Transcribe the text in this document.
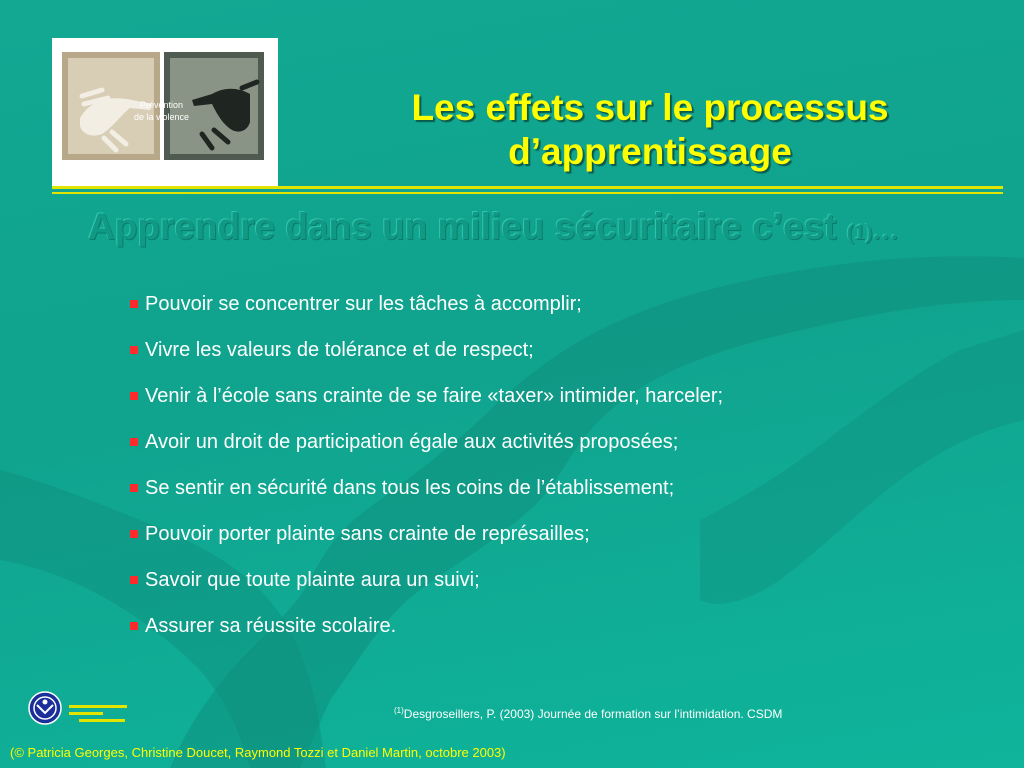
Prévention
de la violence	Les effets sur le processus
d’apprentissage
Apprendre dans un milieu sécuritaire c’est (1)…
Pouvoir se concentrer sur les tâches à accomplir;
Vivre les valeurs de tolérance et de respect;
Venir à l’école sans crainte de se faire «taxer» intimider, harceler;
Avoir un droit de participation égale aux activités proposées;
Se sentir en sécurité dans tous les coins de l’établissement;
Pouvoir porter plainte sans crainte de représailles;
Savoir que toute plainte aura un suivi;
Assurer sa réussite scolaire.
$^{(1)}$Desgroseillers, P. (2003) Journée de formation sur l’intimidation. CSDM
(© Patricia Georges, Christine Doucet, Raymond Tozzi et Daniel Martin, octobre 2003)
